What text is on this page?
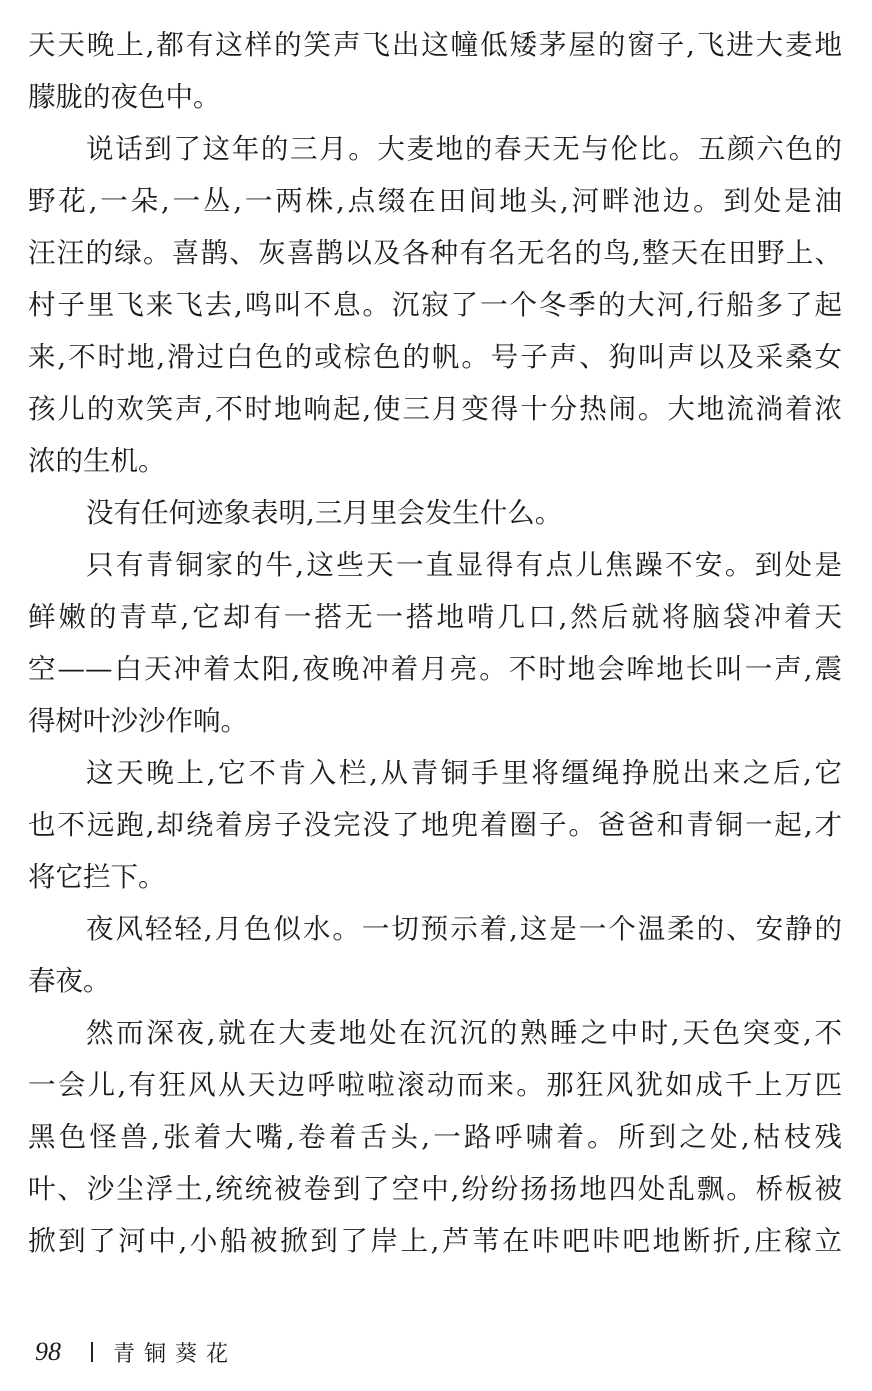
天天晚上,都有这样的笑声飞出这幢低矮茅屋的窗子,飞进大麦地
朦胧的夜色中。
说话到了这年的三月。大麦地的春天无与伦比。五颜六色的
野花,一朵,一丛,一两株,点缀在田间地头,河畔池边。到处是油
汪汪的绿。喜鹊、灰喜鹊以及各种有名无名的鸟,整天在田野上、
村子里飞来飞去,鸣叫不息。沉寂了一个冬季的大河,行船多了起
来,不时地,滑过白色的或棕色的帆。号子声、狗叫声以及采桑女
孩儿的欢笑声,不时地响起,使三月变得十分热闹。大地流淌着浓
浓的生机。
没有任何迹象表明,三月里会发生什么。
只有青铜家的牛,这些天一直显得有点儿焦躁不安。到处是
鲜嫩的青草,它却有一搭无一搭地啃几口,然后就将脑袋冲着天
空——白天冲着太阳,夜晚冲着月亮。不时地会哞地长叫一声,震
得树叶沙沙作响。
这天晚上,它不肯入栏,从青铜手里将缰绳挣脱出来之后,它
也不远跑,却绕着房子没完没了地兜着圈子。爸爸和青铜一起,才
将它拦下。
夜风轻轻,月色似水。一切预示着,这是一个温柔的、安静的
春夜。
然而深夜,就在大麦地处在沉沉的熟睡之中时,天色突变,不
一会儿,有狂风从天边呼啦啦滚动而来。那狂风犹如成千上万匹
黑色怪兽,张着大嘴,卷着舌头,一路呼啸着。所到之处,枯枝残
叶、沙尘浮土,统统被卷到了空中,纷纷扬扬地四处乱飘。桥板被
掀到了河中,小船被掀到了岸上,芦苇在咔吧咔吧地断折,庄稼立
98	青铜葵花
